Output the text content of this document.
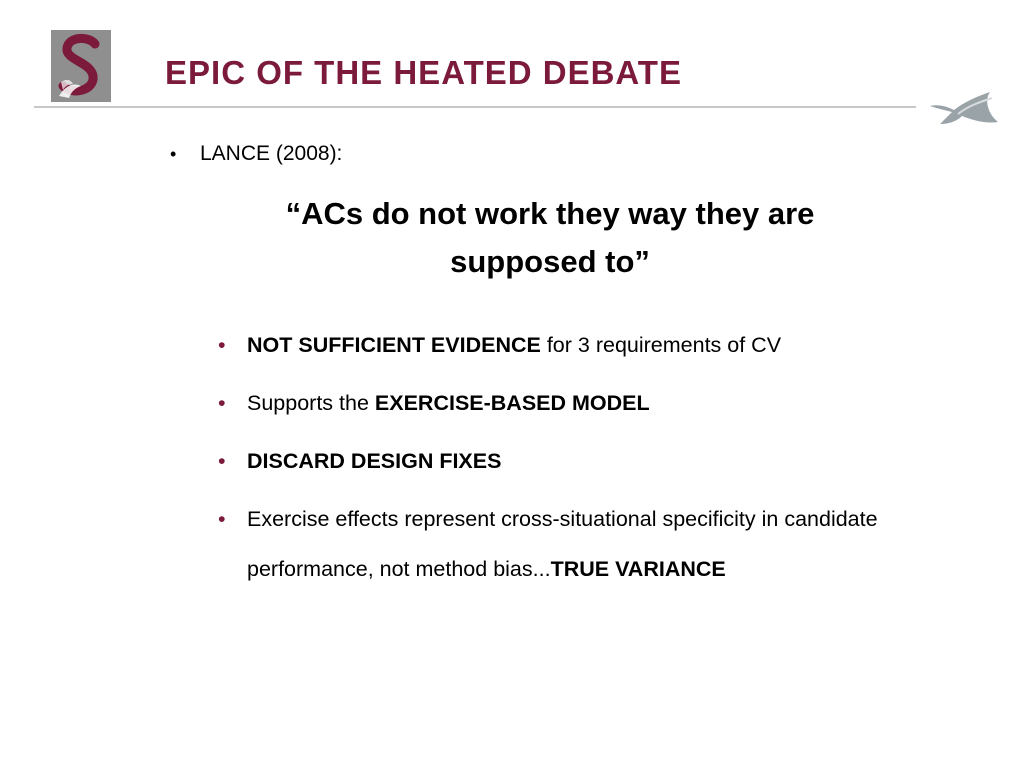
EPIC OF THE HEATED DEBATE
• LANCE (2008):
“ACs do not work they way they are
supposed to”
• NOT SUFFICIENT EVIDENCE for 3 requirements of CV
• Supports the EXERCISE-BASED MODEL
• DISCARD DESIGN FIXES
• Exercise effects represent cross-situational specificity in candidate performance, not method bias...TRUE VARIANCE
